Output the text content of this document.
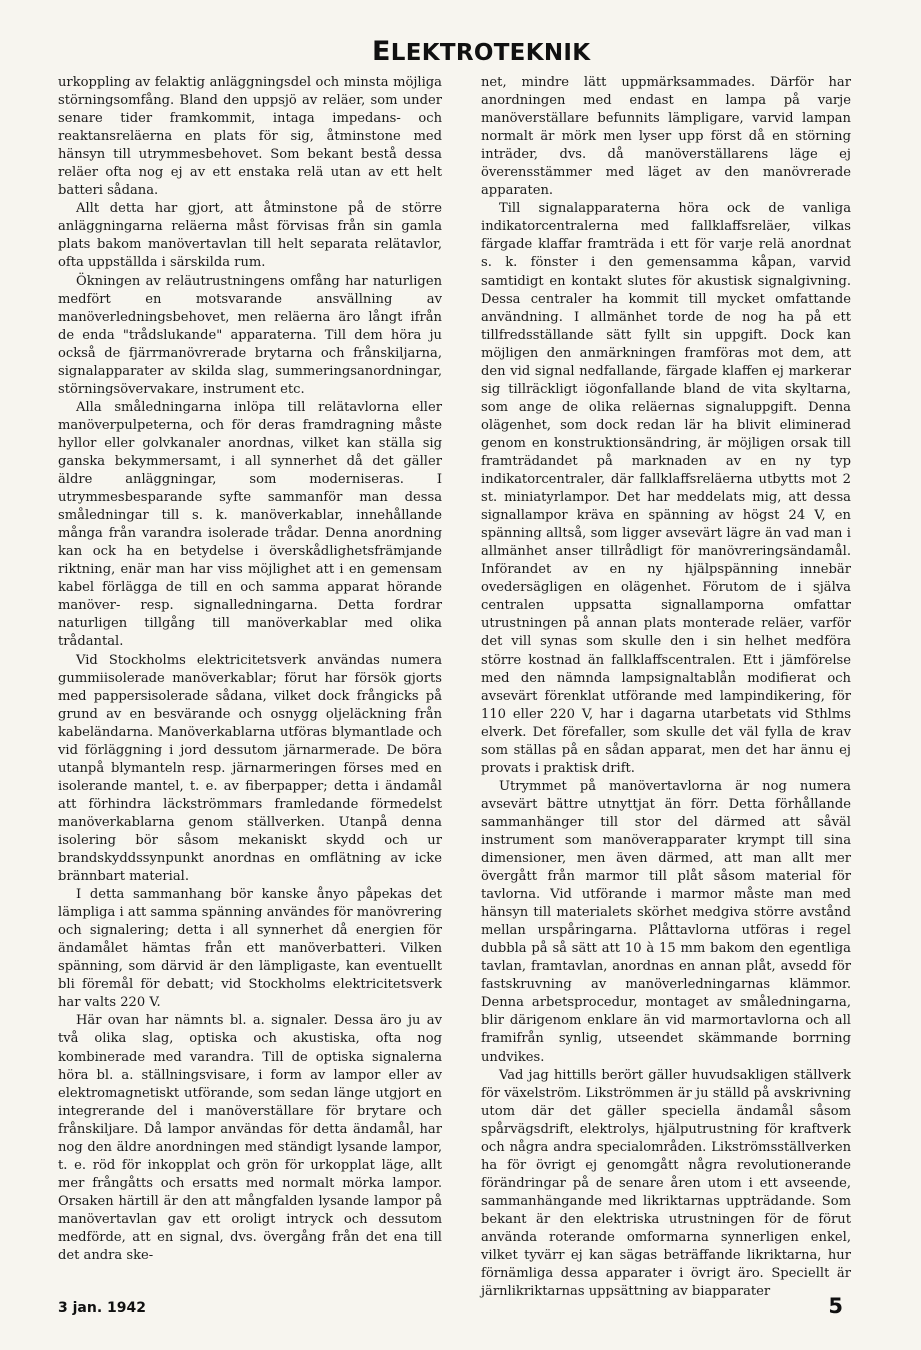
ELEKTROTEKNIK

urkoppling av felaktig anläggningsdel och minsta möjliga störningsomfång. Bland den uppsjö av reläer, som under senare tider framkommit, intaga impedans- och reaktansreläerna en plats för sig, åtminstone med hänsyn till utrymmesbehovet. Som bekant bestå dessa reläer ofta nog ej av ett enstaka relä utan av ett helt batteri sådana.

Allt detta har gjort, att åtminstone på de större anläggningarna reläerna måst förvisas från sin gamla plats bakom manövertavlan till helt separata relätavlor, ofta uppställda i särskilda rum.

Ökningen av reläutrustningens omfång har naturligen medfört en motsvarande ansvällning av manöverledningsbehovet, men reläerna äro långt ifrån de enda "trådslukande" apparaterna. Till dem höra ju också de fjärrmanövrerade brytarna och frånskiljarna, signalapparater av skilda slag, summeringsanordningar, störningsövervakare, instrument etc.

Alla småledningarna inlöpa till relätavlorna eller manöverpulpeterna, och för deras framdragning måste hyllor eller golvkanaler anordnas, vilket kan ställa sig ganska bekymmersamt, i all synnerhet då det gäller äldre anläggningar, som moderniseras. I utrymmesbesparande syfte sammanför man dessa småledningar till s. k. manöverkablar, innehållande många från varandra isolerade trådar. Denna anordning kan ock ha en betydelse i överskådlighetsfrämjande riktning, enär man har viss möjlighet att i en gemensam kabel förlägga de till en och samma apparat hörande manöver- resp. signalledningarna. Detta fordrar naturligen tillgång till manöverkablar med olika trådantal.

Vid Stockholms elektricitetsverk användas numera gummiisolerade manöverkablar; förut har försök gjorts med pappersisolerade sådana, vilket dock frångicks på grund av en besvärande och osnygg oljeläckning från kabeländarna. Manöverkablarna utföras blymantlade och vid förläggning i jord dessutom järnarmerade. De böra utanpå blymanteln resp. järnarmeringen förses med en isolerande mantel, t. e. av fiberpapper; detta i ändamål att förhindra läckströmmars framledande förmedelst manöverkablarna genom ställverken. Utanpå denna isolering bör såsom mekaniskt skydd och ur brandskyddssynpunkt anordnas en omflätning av icke brännbart material.

I detta sammanhang bör kanske ånyo påpekas det lämpliga i att samma spänning användes för manövrering och signalering; detta i all synnerhet då energien för ändamålet hämtas från ett manöverbatteri. Vilken spänning, som därvid är den lämpligaste, kan eventuellt bli föremål för debatt; vid Stockholms elektricitetsverk har valts 220 V.

Här ovan har nämnts bl. a. signaler. Dessa äro ju av två olika slag, optiska och akustiska, ofta nog kombinerade med varandra. Till de optiska signalerna höra bl. a. ställningsvisare, i form av lampor eller av elektromagnetiskt utförande, som sedan länge utgjort en integrerande del i manöverställare för brytare och frånskiljare. Då lampor användas för detta ändamål, har nog den äldre anordningen med ständigt lysande lampor, t. e. röd för inkopplat och grön för urkopplat läge, allt mer frångåtts och ersatts med normalt mörka lampor. Orsaken härtill är den att mångfalden lysande lampor på manövertavlan gav ett oroligt intryck och dessutom medförde, att en signal, dvs. övergång från det ena till det andra ske-

net, mindre lätt uppmärksammades. Därför har anordningen med endast en lampa på varje manöverställare befunnits lämpligare, varvid lampan normalt är mörk men lyser upp först då en störning inträder, dvs. då manöverställarens läge ej överensstämmer med läget av den manövrerade apparaten.

Till signalapparaterna höra ock de vanliga indikatorcentralerna med fallklaffsreläer, vilkas färgade klaffar framträda i ett för varje relä anordnat s. k. fönster i den gemensamma kåpan, varvid samtidigt en kontakt slutes för akustisk signalgivning. Dessa centraler ha kommit till mycket omfattande användning. I allmänhet torde de nog ha på ett tillfredsställande sätt fyllt sin uppgift. Dock kan möjligen den anmärkningen framföras mot dem, att den vid signal nedfallande, färgade klaffen ej markerar sig tillräckligt iögonfallande bland de vita skyltarna, som ange de olika reläernas signaluppgift. Denna olägenhet, som dock redan lär ha blivit eliminerad genom en konstruktionsändring, är möjligen orsak till framträdandet på marknaden av en ny typ indikatorcentraler, där fallklaffsreläerna utbytts mot 2 st. miniatyrlampor. Det har meddelats mig, att dessa signallampor kräva en spänning av högst 24 V, en spänning alltså, som ligger avsevärt lägre än vad man i allmänhet anser tillrådligt för manövreringsändamål. Införandet av en ny hjälpspänning innebär ovedersägligen en olägenhet. Förutom de i själva centralen uppsatta signallamporna omfattar utrustningen på annan plats monterade reläer, varför det vill synas som skulle den i sin helhet medföra större kostnad än fallklaffscentralen. Ett i jämförelse med den nämnda lampsignaltablån modifierat och avsevärt förenklat utförande med lampindikering, för 110 eller 220 V, har i dagarna utarbetats vid Sthlms elverk. Det förefaller, som skulle det väl fylla de krav som ställas på en sådan apparat, men det har ännu ej provats i praktisk drift.

Utrymmet på manövertavlorna är nog numera avsevärt bättre utnyttjat än förr. Detta förhållande sammanhänger till stor del därmed att såväl instrument som manöverapparater krympt till sina dimensioner, men även därmed, att man allt mer övergått från marmor till plåt såsom material för tavlorna. Vid utförande i marmor måste man med hänsyn till materialets skörhet medgiva större avstånd mellan urspåringarna. Plåttavlorna utföras i regel dubbla på så sätt att 10 à 15 mm bakom den egentliga tavlan, framtavlan, anordnas en annan plåt, avsedd för fastskruvning av manöverledningarnas klämmor. Denna arbetsprocedur, montaget av småledningarna, blir därigenom enklare än vid marmortavlorna och all framifrån synlig, utseendet skämmande borrning undvikes.

Vad jag hittills berört gäller huvudsakligen ställverk för växelström. Likströmmen är ju ställd på avskrivning utom där det gäller speciella ändamål såsom spårvägsdrift, elektrolys, hjälputrustning för kraftverk och några andra specialområden. Likströmsställverken ha för övrigt ej genomgått några revolutionerande förändringar på de senare åren utom i ett avseende, sammanhängande med likriktarnas uppträdande. Som bekant är den elektriska utrustningen för de förut använda roterande omformarna synnerligen enkel, vilket tyvärr ej kan sägas beträffande likriktarna, hur förnämliga dessa apparater i övrigt äro. Speciellt är järnlikriktarnas uppsättning av biapparater

3 jan. 1942	5
